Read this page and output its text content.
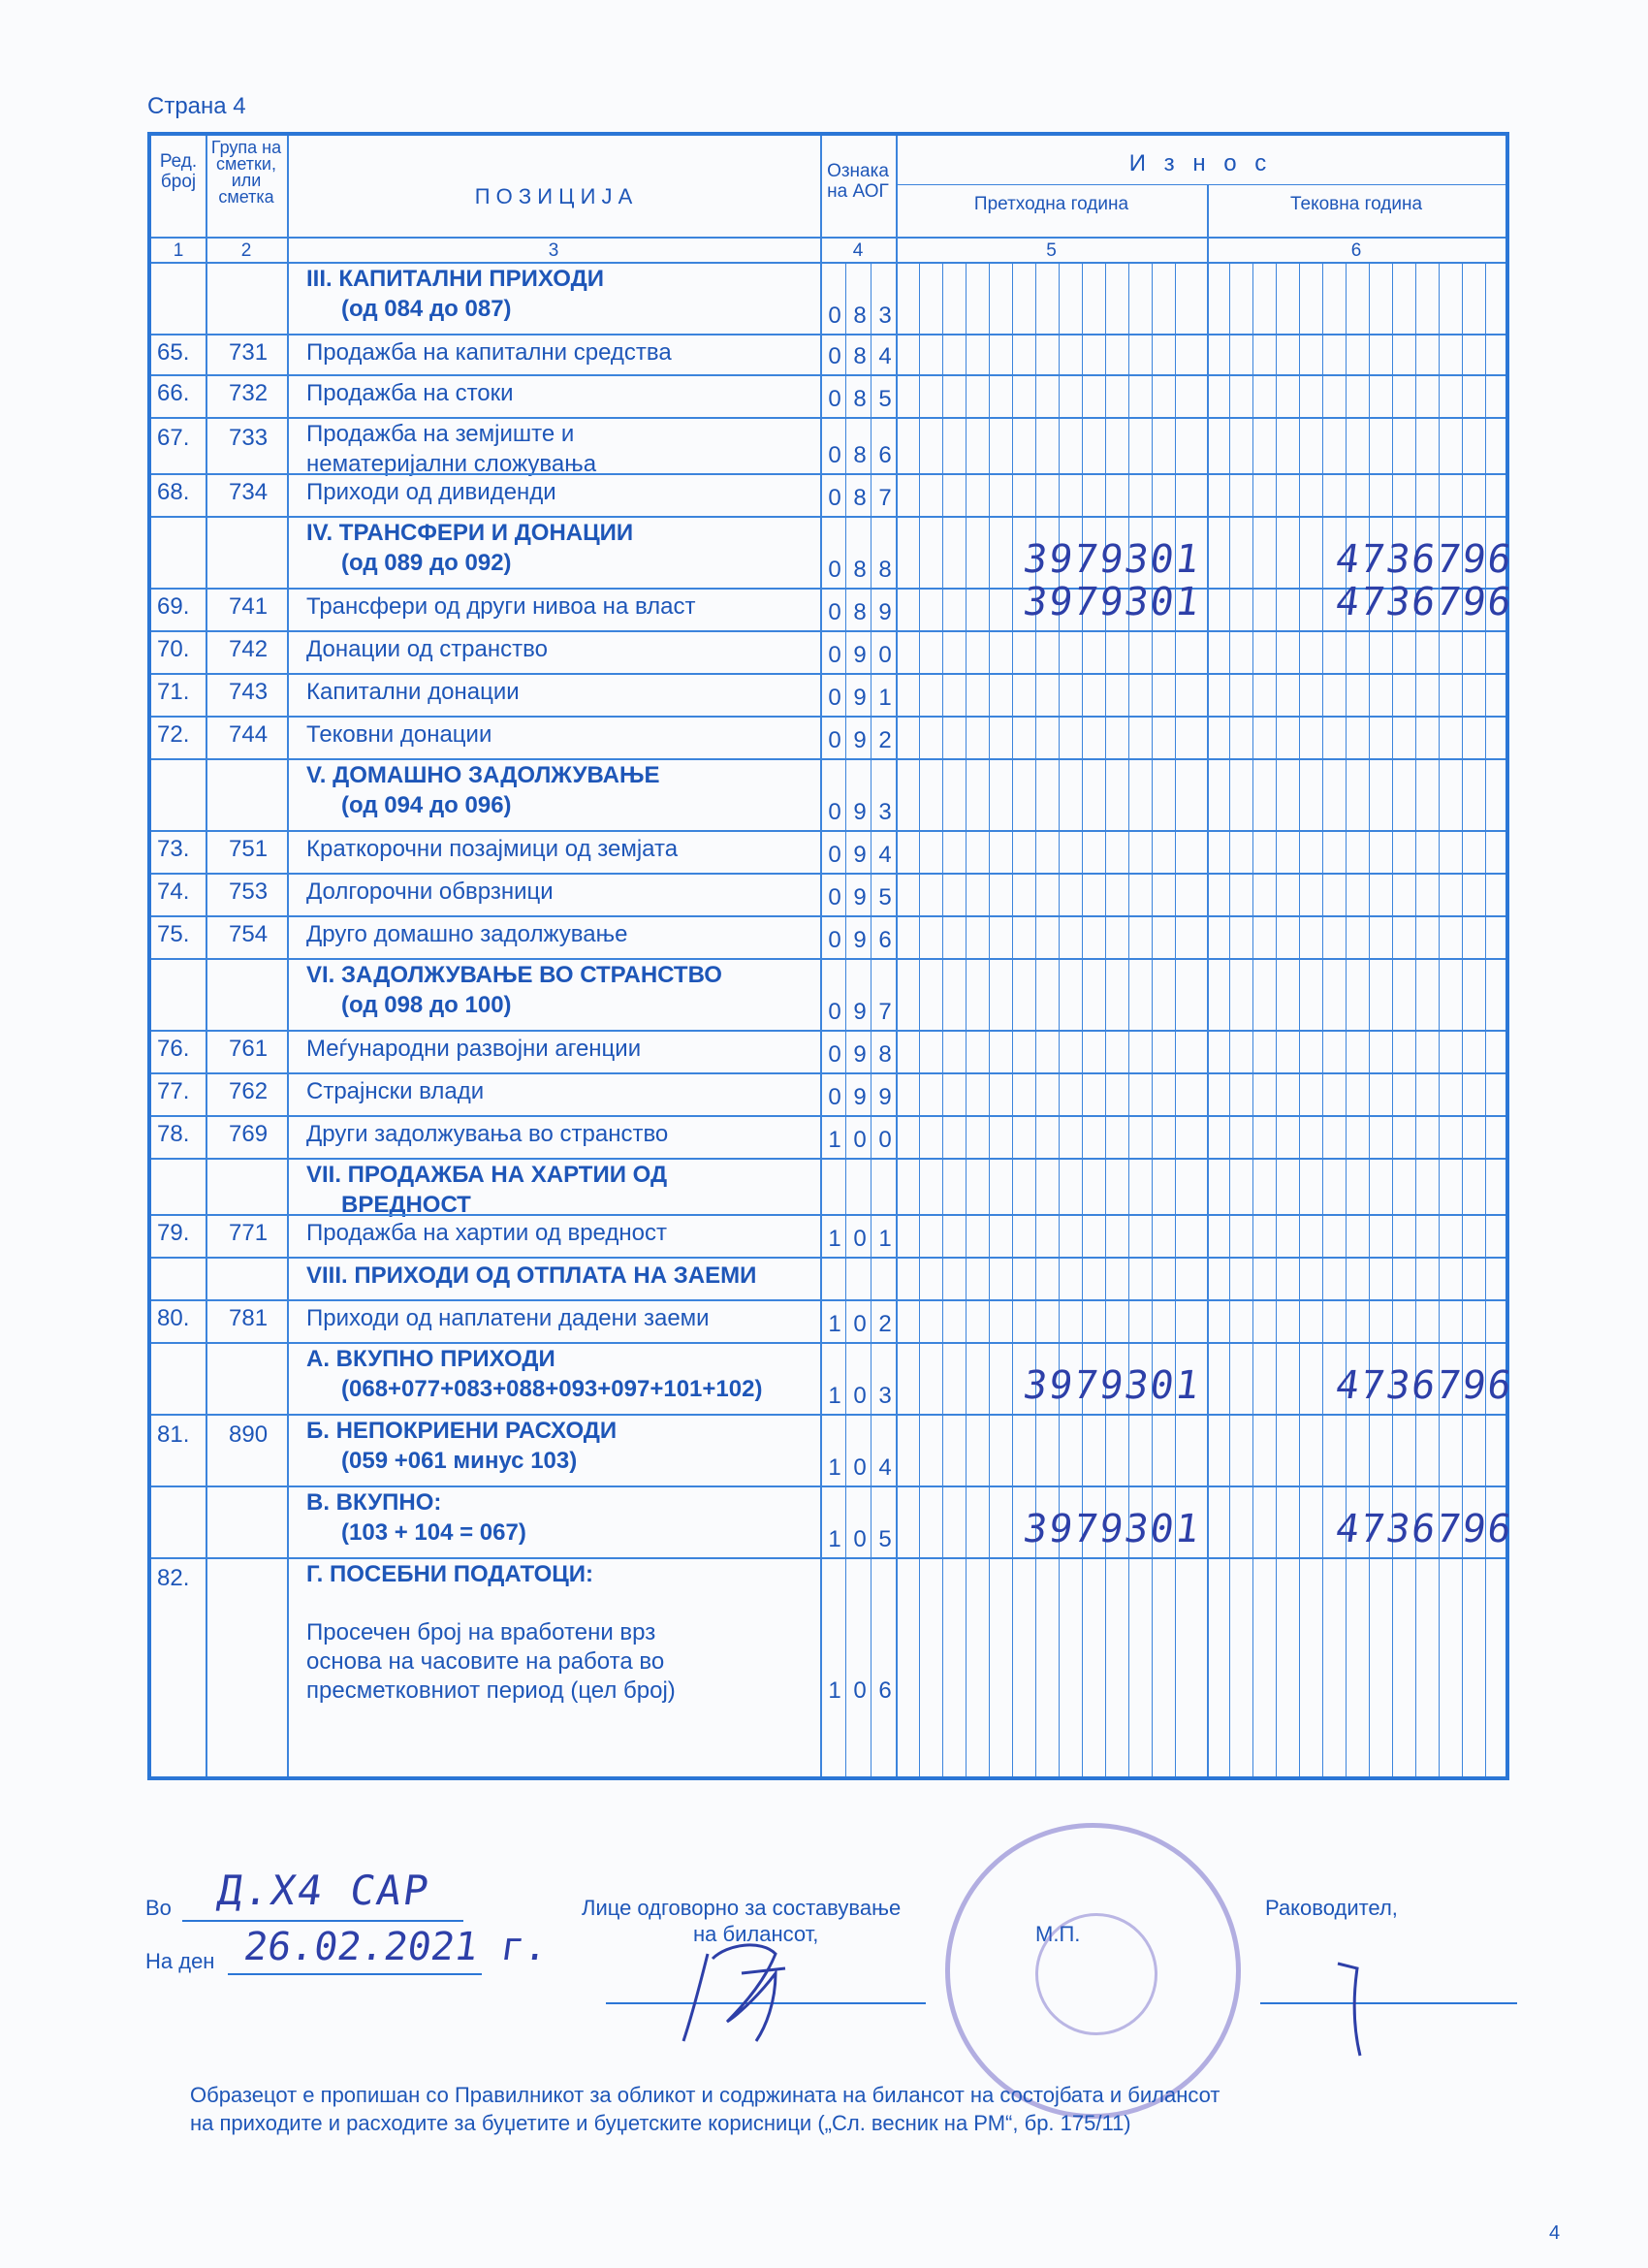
Страна 4
Ред. број
Група на сметки, или сметка	П О З И Ц И Ј А
Ознака на АОГ
И з н о с
Претходна година	Тековна година
1	2	3	4	5	6
III. КАПИТАЛНИ ПРИХОДИ
(од 084 до 087)	0 8 3
65. 731 Продажба на капитални средства	0 8 4
66. 732 Продажба на стоки	0 8 5
67. 733 Продажба на земјиште и
нематеријални сложувања	0 8 6
68. 734 Приходи од дивиденди	0 8 7
IV. ТРАНСФЕРИ И ДОНАЦИИ
(од 089 до 092)	0 8 8	3979301	4736796
69. 741 Трансфери од други нивоа на власт	0 8 9	3979301	4736796
70. 742 Донации од странство	0 9 0
71. 743 Капитални донации	0 9 1
72. 744 Тековни донации	0 9 2
V. ДОМАШНО ЗАДОЛЖУВАЊЕ
(од 094 до 096)	0 9 3
73. 751 Краткорочни позајмици од земјата	0 9 4
74. 753 Долгорочни обврзници	0 9 5
75. 754 Друго домашно задолжување	0 9 6
VI. ЗАДОЛЖУВАЊЕ ВО СТРАНСТВО
(од 098 до 100)	0 9 7
76. 761 Меѓународни развојни агенции	0 9 8
77. 762 Страјнски влади	0 9 9
78. 769 Други задолжувања во странство	1 0 0
VII. ПРОДАЖБА НА ХАРТИИ ОД
ВРЕДНОСТ
79. 771 Продажба на хартии од вредност	1 0 1
VIII. ПРИХОДИ ОД ОТПЛАТА НА ЗАЕМИ
80. 781 Приходи од наплатени дадени заеми	1 0 2
А. ВКУПНО ПРИХОДИ
(068+077+083+088+093+097+101+102)	1 0 3	3979301	4736796
81. 890 Б. НЕПОКРИЕНИ РАСХОДИ
(059 +061 минус 103)	1 0 4
В. ВКУПНО:
(103 + 104 = 067)	1 0 5	3979301	4736796
82.	Г. ПОСЕБНИ ПОДАТОЦИ:
Просечен број на вработени врз
основа на часовите на работа во
пресметковниот период (цел број)	1 0 6
Во Д.Х4 САР
На ден 26.02.2021 г.
Лице одговорно за составување
на билансот,	М.П.
Раководител,
Образецот е пропишан со Правилникот за обликот и содржината на билансот на состојбата и билансот
на приходите и расходите за буџетите и буџетските корисници („Сл. весник на РМ“, бр. 175/11)
4
